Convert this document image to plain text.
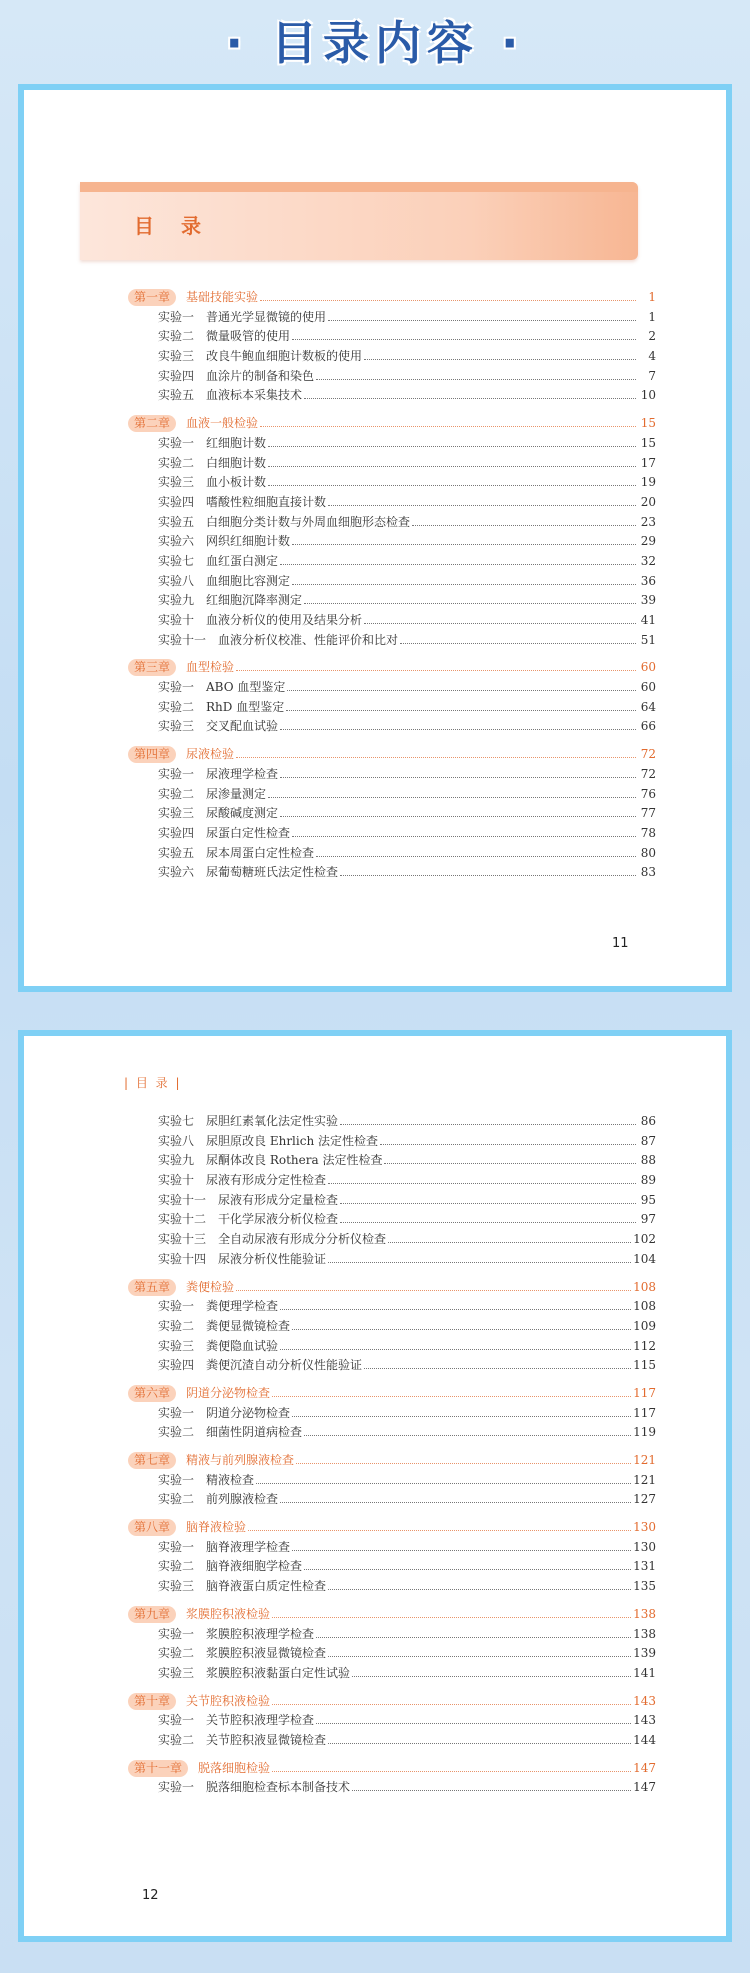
· 目录内容 ·
目 录
第一章 基础技能实验	1
实验一 普通光学显微镜的使用	1
实验二 微量吸管的使用	2
实验三 改良牛鲍血细胞计数板的使用	4
实验四 血涂片的制备和染色	7
实验五 血液标本采集技术	10
第二章 血液一般检验	15
实验一 红细胞计数	15
实验二 白细胞计数	17
实验三 血小板计数	19
实验四 嗜酸性粒细胞直接计数	20
实验五 白细胞分类计数与外周血细胞形态检查	23
实验六 网织红细胞计数	29
实验七 血红蛋白测定	32
实验八 血细胞比容测定	36
实验九 红细胞沉降率测定	39
实验十 血液分析仪的使用及结果分析	41
实验十一 血液分析仪校准、性能评价和比对	51
第三章 血型检验	60
实验一 ABO 血型鉴定	60
实验二 RhD 血型鉴定	64
实验三 交叉配血试验	66
第四章 尿液检验	72
实验一 尿液理学检查	72
实验二 尿渗量测定	76
实验三 尿酸碱度测定	77
实验四 尿蛋白定性检查	78
实验五 尿本周蛋白定性检查	80
实验六 尿葡萄糖班氏法定性检查	83
11
| 目 录 |
实验七 尿胆红素氧化法定性实验	86
实验八 尿胆原改良 Ehrlich 法定性检查	87
实验九 尿酮体改良 Rothera 法定性检查	88
实验十 尿液有形成分定性检查	89
实验十一 尿液有形成分定量检查	95
实验十二 干化学尿液分析仪检查	97
实验十三 全自动尿液有形成分分析仪检查	102
实验十四 尿液分析仪性能验证	104
第五章 粪便检验	108
实验一 粪便理学检查	108
实验二 粪便显微镜检查	109
实验三 粪便隐血试验	112
实验四 粪便沉渣自动分析仪性能验证	115
第六章 阴道分泌物检查	117
实验一 阴道分泌物检查	117
实验二 细菌性阴道病检查	119
第七章 精液与前列腺液检查	121
实验一 精液检查	121
实验二 前列腺液检查	127
第八章 脑脊液检验	130
实验一 脑脊液理学检查	130
实验二 脑脊液细胞学检查	131
实验三 脑脊液蛋白质定性检查	135
第九章 浆膜腔积液检验	138
实验一 浆膜腔积液理学检查	138
实验二 浆膜腔积液显微镜检查	139
实验三 浆膜腔积液黏蛋白定性试验	141
第十章 关节腔积液检验	143
实验一 关节腔积液理学检查	143
实验二 关节腔积液显微镜检查	144
第十一章 脱落细胞检验	147
实验一 脱落细胞检查标本制备技术	147
12
